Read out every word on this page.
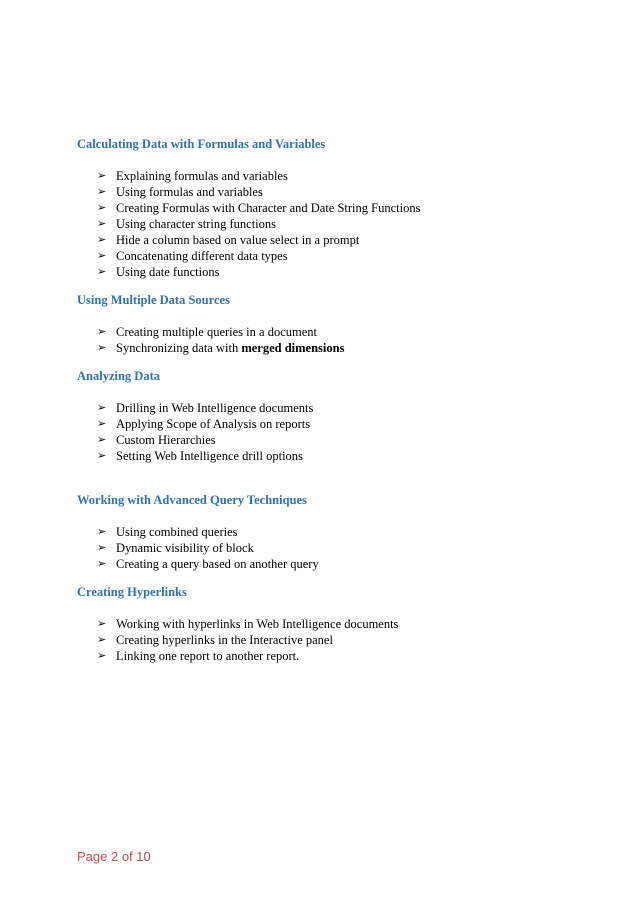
Calculating Data with Formulas and Variables
➢ Explaining formulas and variables
➢ Using formulas and variables
➢ Creating Formulas with Character and Date String Functions
➢ Using character string functions
➢ Hide a column based on value select in a prompt
➢ Concatenating different data types
➢ Using date functions
Using Multiple Data Sources
➢ Creating multiple queries in a document
➢ Synchronizing data with merged dimensions
Analyzing Data
➢ Drilling in Web Intelligence documents
➢ Applying Scope of Analysis on reports
➢ Custom Hierarchies
➢ Setting Web Intelligence drill options
Working with Advanced Query Techniques
➢ Using combined queries
➢ Dynamic visibility of block
➢ Creating a query based on another query
Creating Hyperlinks
➢ Working with hyperlinks in Web Intelligence documents
➢ Creating hyperlinks in the Interactive panel
➢ Linking one report to another report.
Page 2 of 10
